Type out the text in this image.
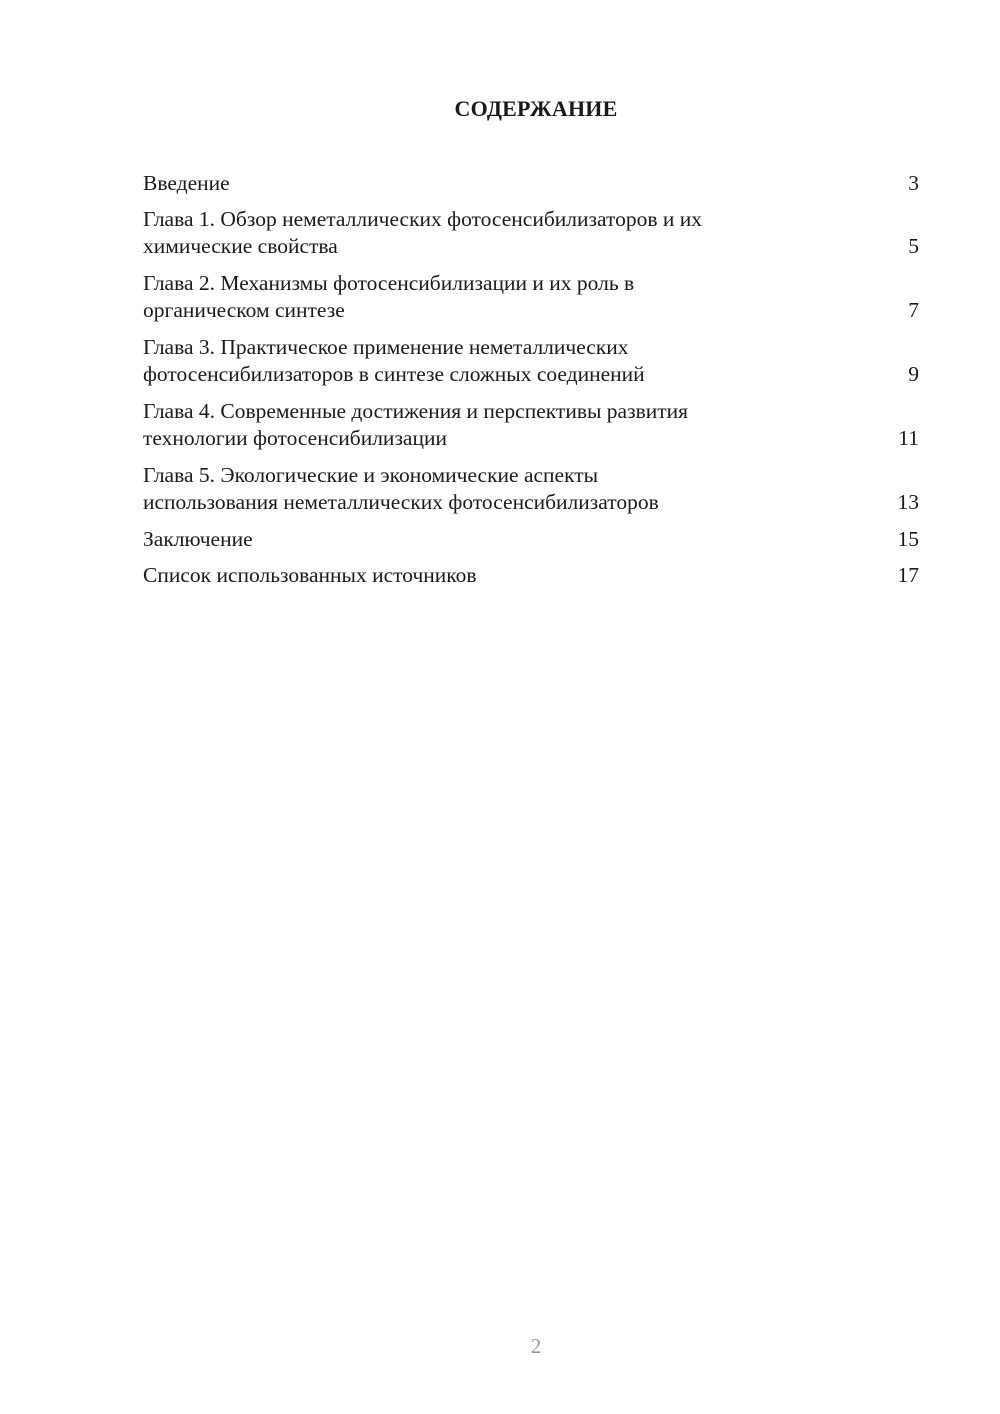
СОДЕРЖАНИЕ
Введение	3
Глава 1. Обзор неметаллических фотосенсибилизаторов и их
химические свойства	5
Глава 2. Механизмы фотосенсибилизации и их роль в
органическом синтезе	7
Глава 3. Практическое применение неметаллических
фотосенсибилизаторов в синтезе сложных соединений	9
Глава 4. Современные достижения и перспективы развития
технологии фотосенсибилизации	11
Глава 5. Экологические и экономические аспекты
использования неметаллических фотосенсибилизаторов	13
Заключение	15
Список использованных источников	17
2
